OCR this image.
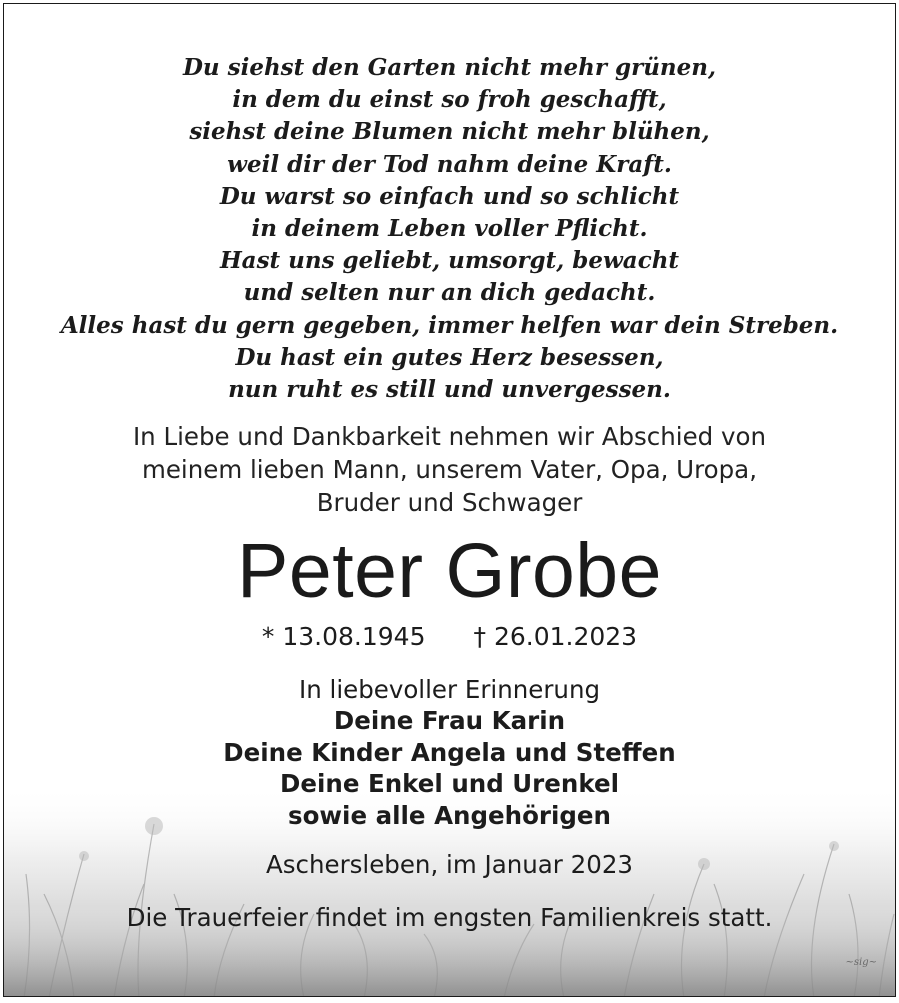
Du siehst den Garten nicht mehr grünen,
in dem du einst so froh geschafft,
siehst deine Blumen nicht mehr blühen,
weil dir der Tod nahm deine Kraft.
Du warst so einfach und so schlicht
in deinem Leben voller Pflicht.
Hast uns geliebt, umsorgt, bewacht
und selten nur an dich gedacht.
Alles hast du gern gegeben, immer helfen war dein Streben.
Du hast ein gutes Herz besessen,
nun ruht es still und unvergessen.
In Liebe und Dankbarkeit nehmen wir Abschied von
meinem lieben Mann, unserem Vater, Opa, Uropa,
Bruder und Schwager
Peter Grobe
* 13.08.1945 † 26.01.2023
In liebevoller Erinnerung
Deine Frau Karin
Deine Kinder Angela und Steffen
Deine Enkel und Urenkel
sowie alle Angehörigen
Aschersleben, im Januar 2023
Die Trauerfeier findet im engsten Familienkreis statt.
~sig~
